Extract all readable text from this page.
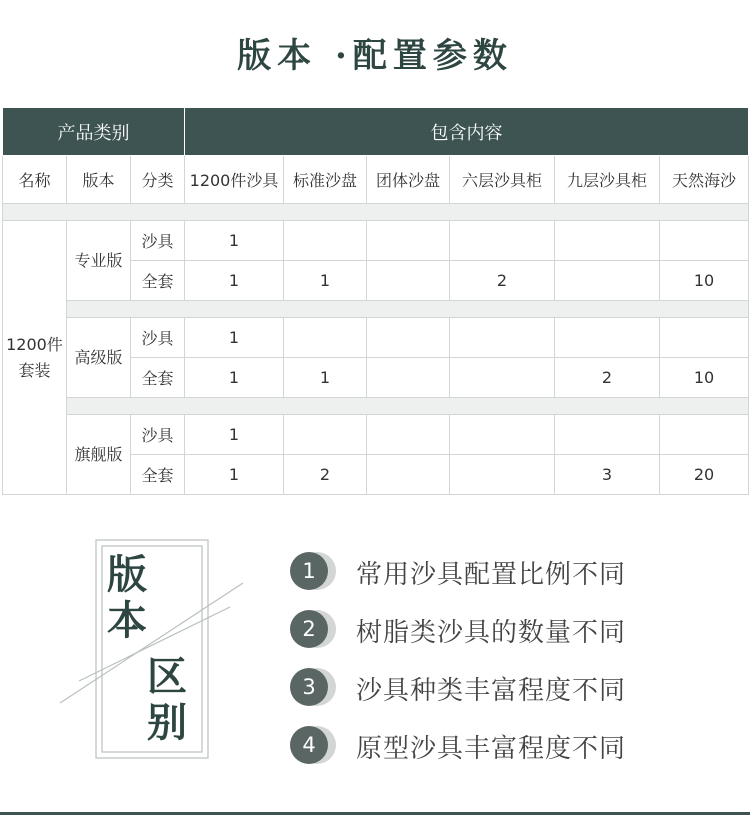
版本 ·配置参数
产品类别			包含内容					
名称	版本	分类	1200件沙具	标准沙盘	团体沙盘	六层沙具柜	九层沙具柜	天然海沙

1200件
套装	专业版	沙具	1					
		全套	1	1		2		10

	高级版	沙具	1					
		全套	1	1			2	10

	旗舰版	沙具	1					
		全套	1	2			3	20
版
本
区
别
1	常用沙具配置比例不同
2	树脂类沙具的数量不同
3	沙具种类丰富程度不同
4	原型沙具丰富程度不同
